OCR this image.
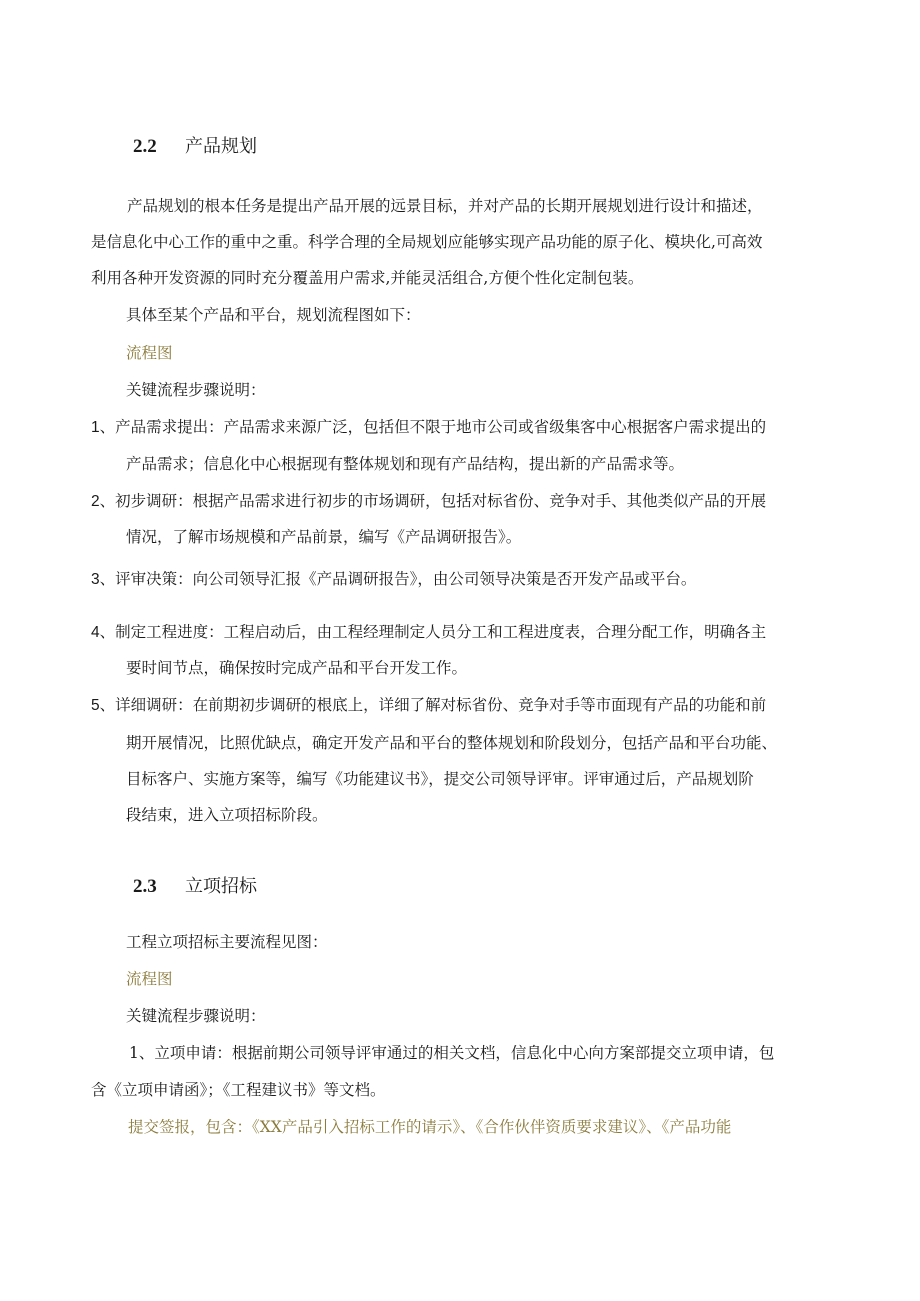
2.2 产品规划
产品规划的根本任务是提出产品开展的远景目标，并对产品的长期开展规划进行设计和描述，
是信息化中心工作的重中之重。科学合理的全局规划应能够实现产品功能的原子化、模块化,可高效
利用各种开发资源的同时充分覆盖用户需求,并能灵活组合,方便个性化定制包装。
具体至某个产品和平台，规划流程图如下：
流程图
关键流程步骤说明：
1、产品需求提出：产品需求来源广泛，包括但不限于地市公司或省级集客中心根据客户需求提出的
产品需求；信息化中心根据现有整体规划和现有产品结构，提出新的产品需求等。
2、初步调研：根据产品需求进行初步的市场调研，包括对标省份、竞争对手、其他类似产品的开展
情况，了解市场规模和产品前景，编写《产品调研报告》。
3、评审决策：向公司领导汇报《产品调研报告》，由公司领导决策是否开发产品或平台。
4、制定工程进度：工程启动后，由工程经理制定人员分工和工程进度表，合理分配工作，明确各主
要时间节点，确保按时完成产品和平台开发工作。
5、详细调研：在前期初步调研的根底上，详细了解对标省份、竞争对手等市面现有产品的功能和前
期开展情况，比照优缺点，确定开发产品和平台的整体规划和阶段划分，包括产品和平台功能、
目标客户、实施方案等，编写《功能建议书》，提交公司领导评审。评审通过后，产品规划阶
段结束，进入立项招标阶段。
2.3 立项招标
工程立项招标主要流程见图：
流程图
关键流程步骤说明：
1、立项申请：根据前期公司领导评审通过的相关文档，信息化中心向方案部提交立项申请，包
含《立项申请函》；《工程建议书》等文档。
提交签报，包含：《XX产品引入招标工作的请示》、《合作伙伴资质要求建议》、《产品功能
